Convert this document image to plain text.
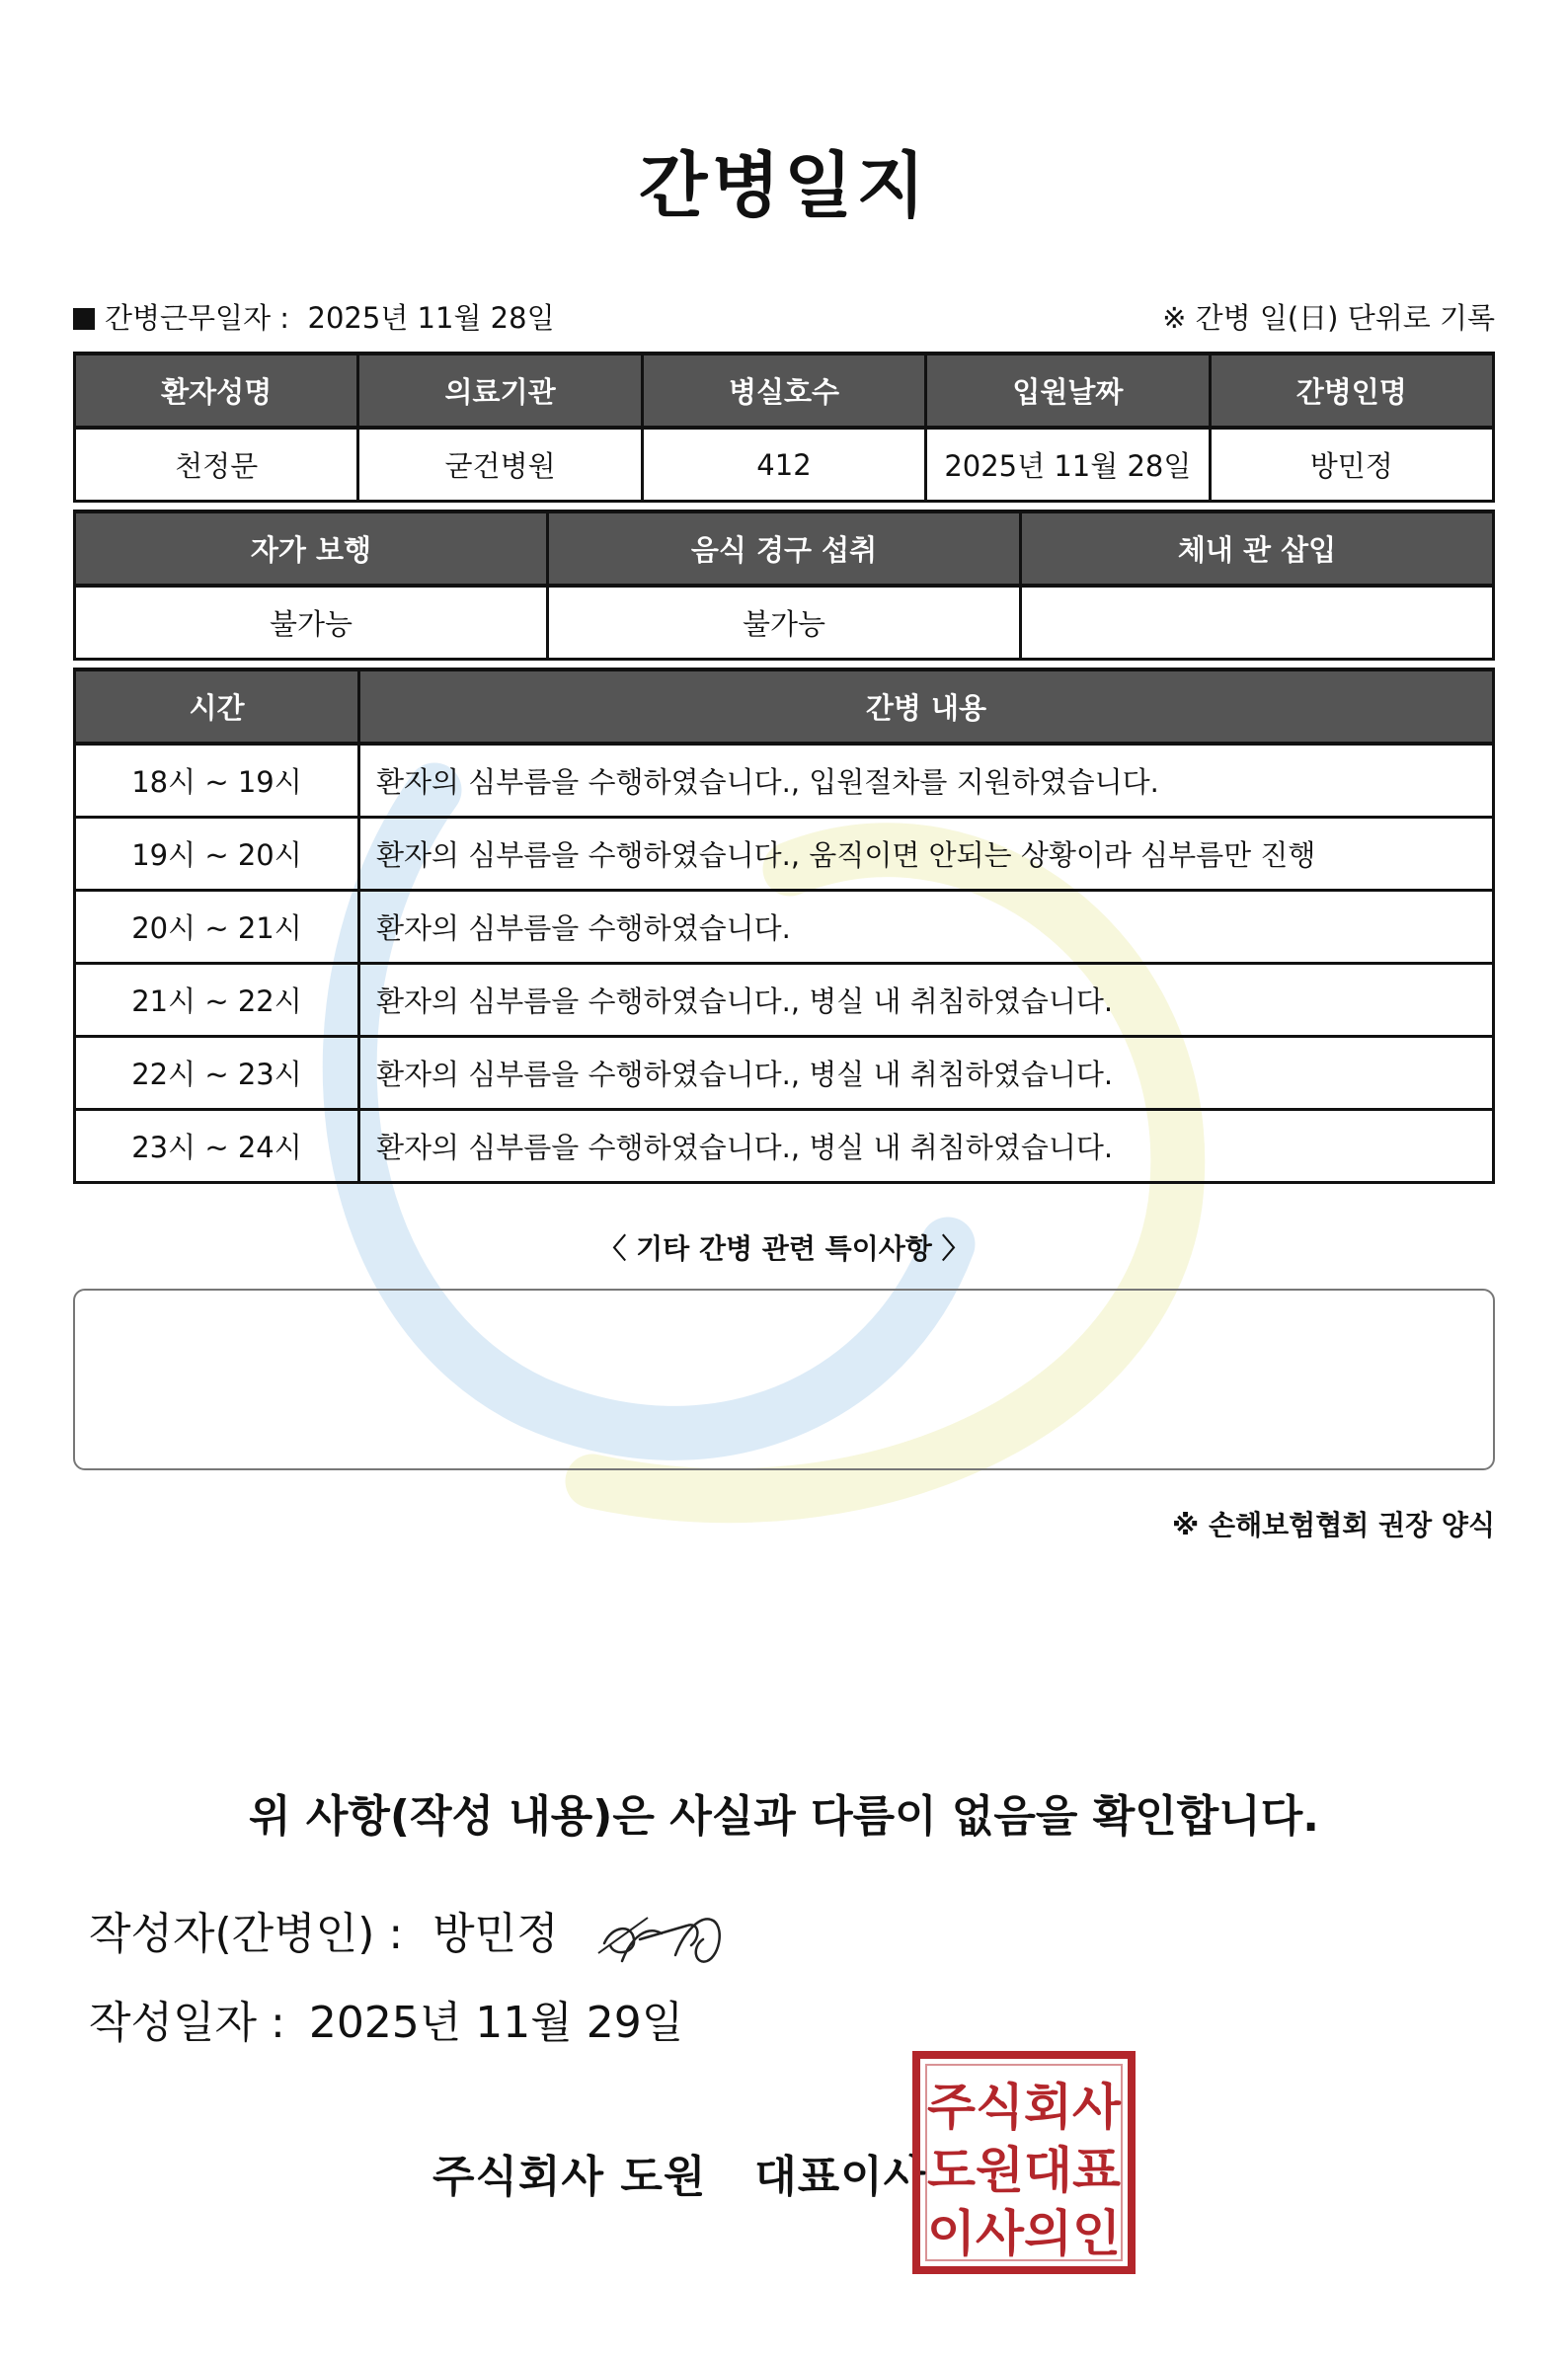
간병일지
간병근무일자 : 2025년 11월 28일	※ 간병 일(日) 단위로 기록
환자성명	의료기관	병실호수	입원날짜	간병인명
천정문	굳건병원	412	2025년 11월 28일	방민정
자가 보행	음식 경구 섭취	체내 관 삽입
불가능	불가능	
시간	간병 내용
18시 ~ 19시	환자의 심부름을 수행하였습니다., 입원절차를 지원하였습니다.
19시 ~ 20시	환자의 심부름을 수행하였습니다., 움직이면 안되는 상황이라 심부름만 진행
20시 ~ 21시	환자의 심부름을 수행하였습니다.
21시 ~ 22시	환자의 심부름을 수행하였습니다., 병실 내 취침하였습니다.
22시 ~ 23시	환자의 심부름을 수행하였습니다., 병실 내 취침하였습니다.
23시 ~ 24시	환자의 심부름을 수행하였습니다., 병실 내 취침하였습니다.
〈 기타 간병 관련 특이사항 〉
※ 손해보험협회 권장 양식
위 사항(작성 내용)은 사실과 다름이 없음을 확인합니다.
작성자(간병인) : 방민정
작성일자 : 2025년 11월 29일
주식회사 도원   대표이사
주식회사
도원대표
이사의인
